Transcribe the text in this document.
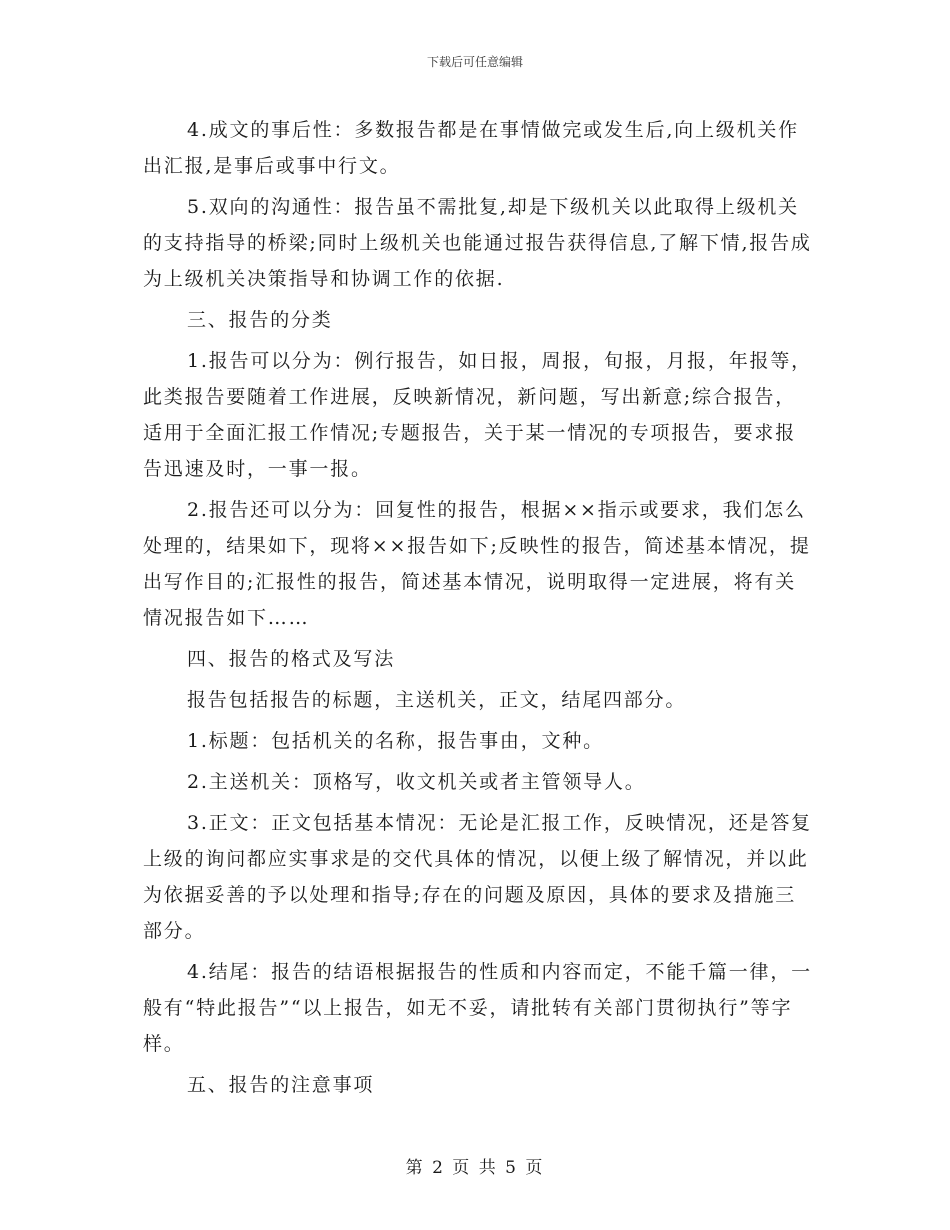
下载后可任意编辑

4.成文的事后性：多数报告都是在事情做完或发生后,向上级机关作出汇报,是事后或事中行文。

5.双向的沟通性：报告虽不需批复,却是下级机关以此取得上级机关的支持指导的桥梁;同时上级机关也能通过报告获得信息,了解下情,报告成为上级机关决策指导和协调工作的依据.

三、报告的分类

1.报告可以分为：例行报告，如日报，周报，旬报，月报，年报等，此类报告要随着工作进展，反映新情况，新问题，写出新意;综合报告，适用于全面汇报工作情况;专题报告，关于某一情况的专项报告，要求报告迅速及时，一事一报。

2.报告还可以分为：回复性的报告，根据××指示或要求，我们怎么处理的，结果如下，现将××报告如下;反映性的报告，简述基本情况，提出写作目的;汇报性的报告，简述基本情况，说明取得一定进展，将有关情况报告如下……

四、报告的格式及写法

报告包括报告的标题，主送机关，正文，结尾四部分。

1.标题：包括机关的名称，报告事由，文种。

2.主送机关：顶格写，收文机关或者主管领导人。

3.正文：正文包括基本情况：无论是汇报工作，反映情况，还是答复上级的询问都应实事求是的交代具体的情况，以便上级了解情况，并以此为依据妥善的予以处理和指导;存在的问题及原因，具体的要求及措施三部分。

4.结尾：报告的结语根据报告的性质和内容而定，不能千篇一律，一般有“特此报告”“以上报告，如无不妥，请批转有关部门贯彻执行”等字样。

五、报告的注意事项

第 2 页 共 5 页
